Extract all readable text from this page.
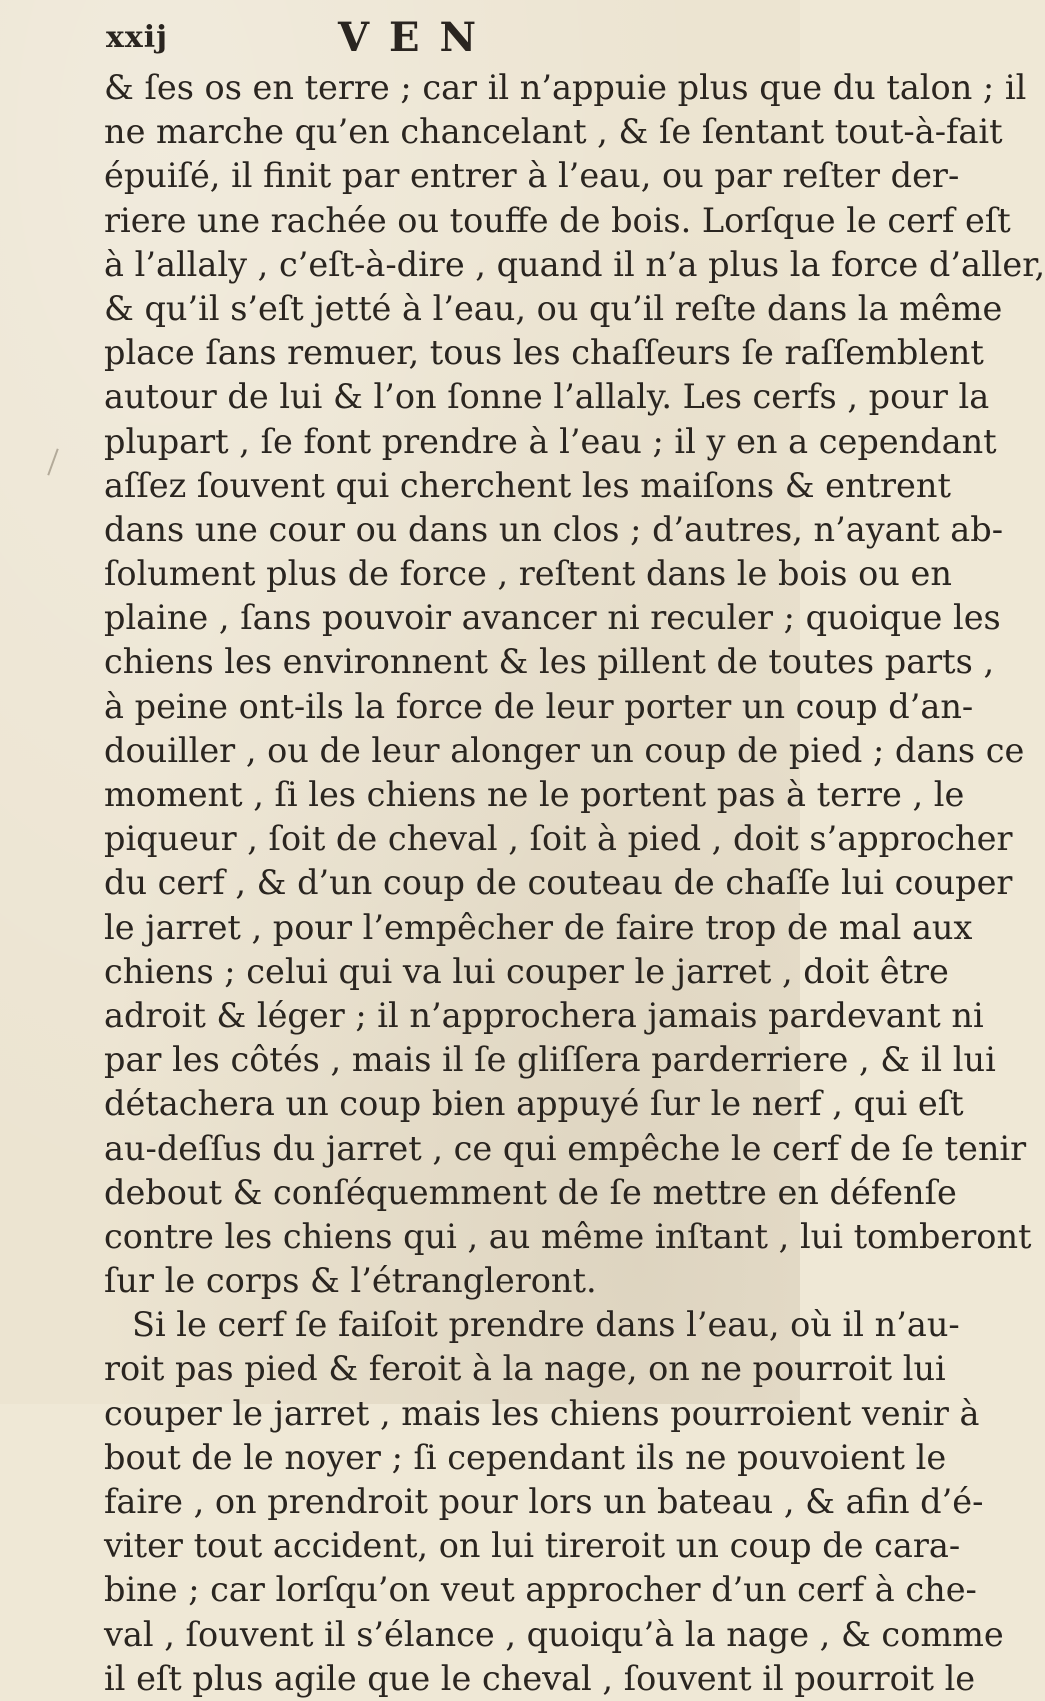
xxij	VEN
& ſes os en terre ; car il n’appuie plus que du talon ; il
ne marche qu’en chancelant , & ſe ſentant tout-à-fait
épuiſé, il finit par entrer à l’eau, ou par reſter der-
riere une rachée ou touffe de bois. Lorſque le cerf eſt
à l’allaly , c’eſt-à-dire , quand il n’a plus la force d’aller,
& qu’il s’eſt jetté à l’eau, ou qu’il reſte dans la même
place ſans remuer, tous les chaſſeurs ſe raſſemblent
autour de lui & l’on ſonne l’allaly. Les cerfs , pour la
plupart , ſe font prendre à l’eau ; il y en a cependant
aſſez ſouvent qui cherchent les maiſons & entrent
dans une cour ou dans un clos ; d’autres, n’ayant ab-
ſolument plus de force , reſtent dans le bois ou en
plaine , ſans pouvoir avancer ni reculer ; quoique les
chiens les environnent & les pillent de toutes parts ,
à peine ont-ils la force de leur porter un coup d’an-
douiller , ou de leur alonger un coup de pied ; dans ce
moment , ſi les chiens ne le portent pas à terre , le
piqueur , ſoit de cheval , ſoit à pied , doit s’approcher
du cerf , & d’un coup de couteau de chaſſe lui couper
le jarret , pour l’empêcher de faire trop de mal aux
chiens ; celui qui va lui couper le jarret , doit être
adroit & léger ; il n’approchera jamais pardevant ni
par les côtés , mais il ſe gliſſera parderriere , & il lui
détachera un coup bien appuyé ſur le nerf , qui eſt
au-deſſus du jarret , ce qui empêche le cerf de ſe tenir
debout & conſéquemment de ſe mettre en défenſe
contre les chiens qui , au même inſtant , lui tomberont
ſur le corps & l’étrangleront.
Si le cerf ſe faiſoit prendre dans l’eau, où il n’au-
roit pas pied & feroit à la nage, on ne pourroit lui
couper le jarret , mais les chiens pourroient venir à
bout de le noyer ; ſi cependant ils ne pouvoient le
faire , on prendroit pour lors un bateau , & afin d’é-
viter tout accident, on lui tireroit un coup de cara-
bine ; car lorſqu’on veut approcher d’un cerf à che-
val , ſouvent il s’élance , quoiqu’à la nage , & comme
il eſt plus agile que le cheval , ſouvent il pourroit le
